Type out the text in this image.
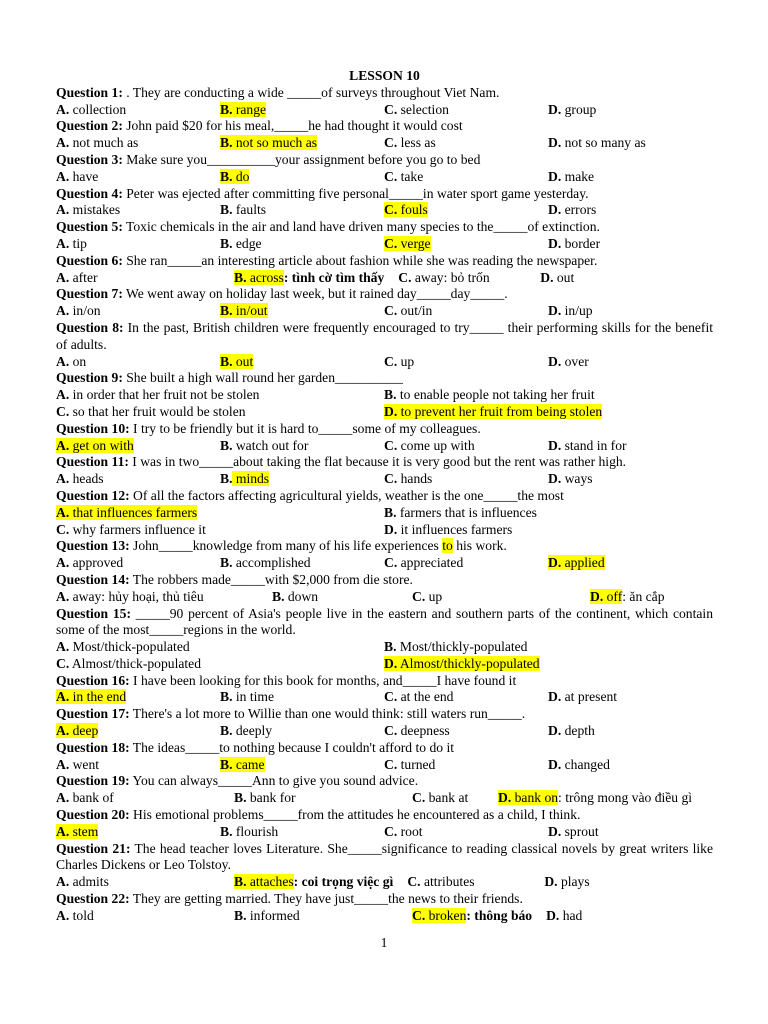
LESSON 10
Question 1: . They are conducting a wide _____of surveys throughout Viet Nam.
A. collection	B. range	C. selection	D. group
Question 2: John paid $20 for his meal,_____he had thought it would cost
A. not much as	B. not so much as	C. less as	D. not so many as
Question 3: Make sure you__________your assignment before you go to bed
A. have	B. do	C. take	D. make
Question 4: Peter was ejected after committing five personal_____in water sport game yesterday.
A. mistakes	B. faults	C. fouls	D. errors
Question 5: Toxic chemicals in the air and land have driven many species to the_____of extinction.
A. tip	B. edge	C. verge	D. border
Question 6: She ran_____an interesting article about fashion while she was reading the newspaper.
A. after	B. across: tình cờ tìm thấy C. away: bỏ trốn	D. out
Question 7: We went away on holiday last week, but it rained day_____day_____.
A. in/on	B. in/out	C. out/in	D. in/up
Question 8: In the past, British children were frequently encouraged to try_____ their performing skills for the benefit of adults.
A. on	B. out	C. up	D. over
Question 9: She built a high wall round her garden__________
A. in order that her fruit not be stolen	B. to enable people not taking her fruit
C. so that her fruit would be stolen	D. to prevent her fruit from being stolen
Question 10: I try to be friendly but it is hard to_____some of my colleagues.
A. get on with	B. watch out for	C. come up with	D. stand in for
Question 11: I was in two_____about taking the flat because it is very good but the rent was rather high.
A. heads	B. minds	C. hands	D. ways
Question 12: Of all the factors affecting agricultural yields, weather is the one_____the most
A. that influences farmers	B. farmers that is influences
C. why farmers influence it	D. it influences farmers
Question 13: John_____knowledge from many of his life experiences to his work.
A. approved	B. accomplished	C. appreciated	D. applied
Question 14: The robbers made_____with $2,000 from die store.
A. away: hủy hoại, thủ tiêu	B. down	C. up	D. off: ăn cắp
Question 15: _____90 percent of Asia's people live in the eastern and southern parts of the continent, which contain some of the most_____regions in the world.
A. Most/thick-populated	B. Most/thickly-populated
C. Almost/thick-populated	D. Almost/thickly-populated
Question 16: I have been looking for this book for months, and_____I have found it
A. in the end	B. in time	C. at the end	D. at present
Question 17: There's a lot more to Willie than one would think: still waters run_____.
A. deep	B. deeply	C. deepness	D. depth
Question 18: The ideas_____to nothing because I couldn't afford to do it
A. went	B. came	C. turned	D. changed
Question 19: You can always_____Ann to give you sound advice.
A. bank of	B. bank for	C. bank at	D. bank on: trông mong vào điều gì
Question 20: His emotional problems_____from the attitudes he encountered as a child, I think.
A. stem	B. flourish	C. root	D. sprout
Question 21: The head teacher loves Literature. She_____significance to reading classical novels by great writers like Charles Dickens or Leo Tolstoy.
A. admits	B. attaches: coi trọng việc gì C. attributes	D. plays
Question 22: They are getting married. They have just_____the news to their friends.
A. told	B. informed	C. broken: thông báo D. had
1
